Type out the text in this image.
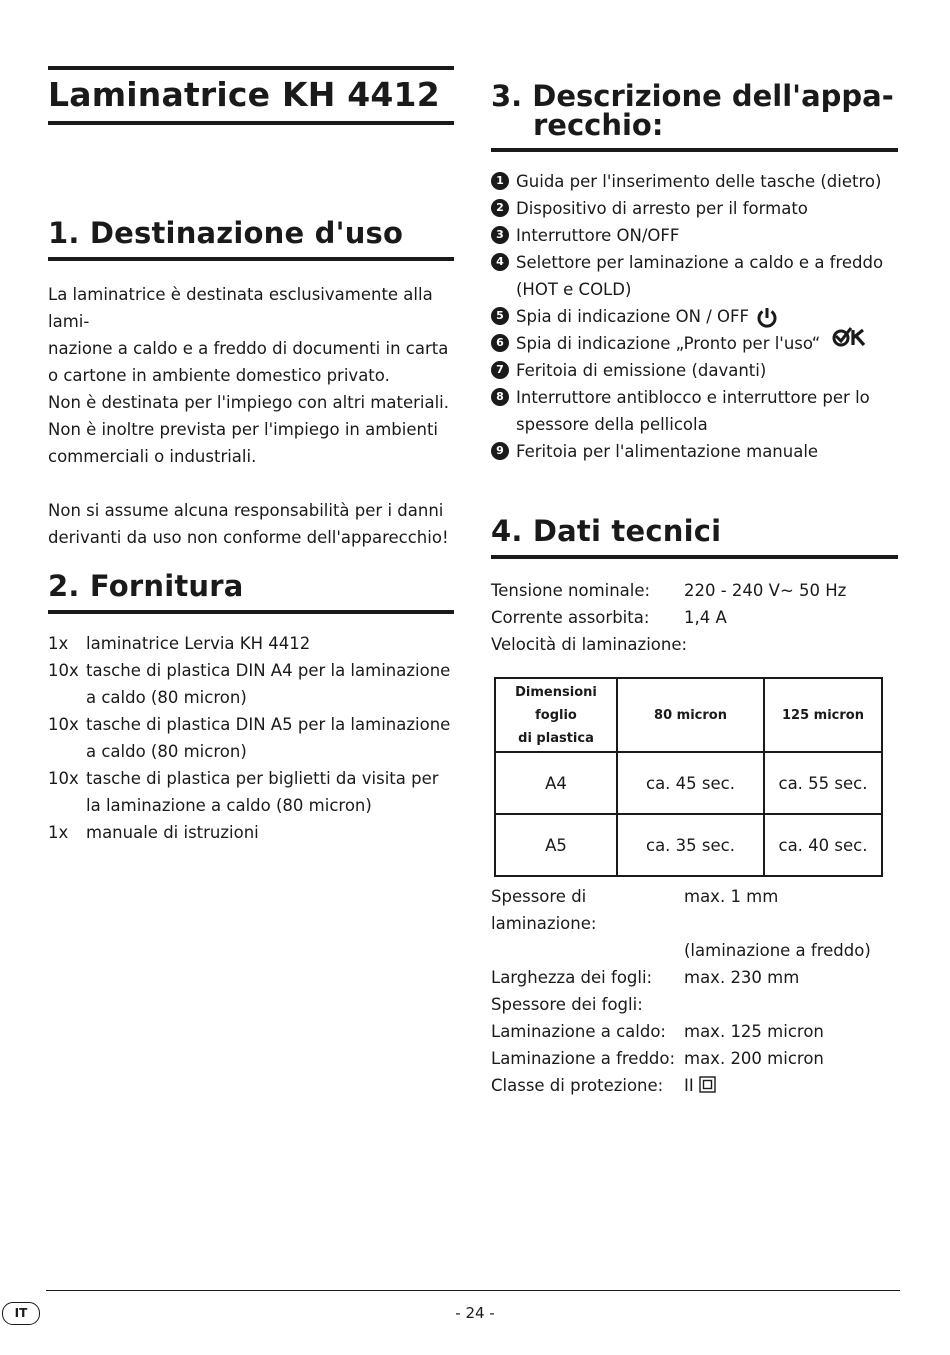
Laminatrice KH 4412
1. Destinazione d'uso

La laminatrice è destinata esclusivamente alla lami-

nazione a caldo e a freddo di documenti in carta

o cartone in ambiente domestico privato.

Non è destinata per l'impiego con altri materiali.

Non è inoltre prevista per l'impiego in ambienti

commerciali o industriali.

Non si assume alcuna responsabilità per i danni

derivanti da uso non conforme dell'apparecchio!

2. Fornitura
1x	laminatrice Lervia KH 4412
10x tasche di plastica DIN A4 per la laminazione
a caldo (80 micron)
10x tasche di plastica DIN A5 per la laminazione
a caldo (80 micron)
10x tasche di plastica per biglietti da visita per
la laminazione a caldo (80 micron)
1x	manuale di istruzioni
3. Descrizione dell'appa-
recchio:
1 Guida per l'inserimento delle tasche (dietro)
2 Dispositivo di arresto per il formato
3 Interruttore ON/OFF
4 Selettore per laminazione a caldo e a freddo
(HOT e COLD)
5 Spia di indicazione ON / OFF
6 Spia di indicazione „Pronto per l'uso“
7 Feritoia di emissione (davanti)
8 Interruttore antiblocco e interruttore per lo
spessore della pellicola
9 Feritoia per l'alimentazione manuale
4. Dati tecnici
Tensione nominale:	220 - 240 V~ 50 Hz
Corrente assorbita:	1,4 A
Velocità di laminazione:
Dimensioni
foglio
di plastica	80 micron	125 micron
A4	ca. 45 sec.	ca. 55 sec.
A5	ca. 35 sec.	ca. 40 sec.
Spessore di laminazione:
max. 1 mm
(laminazione a freddo)
Larghezza dei fogli:	max. 230 mm
Spessore dei fogli:
Laminazione a caldo:	max. 125 micron
Laminazione a freddo: max. 200 micron
Classe di protezione:	II
IT	- 24 -
